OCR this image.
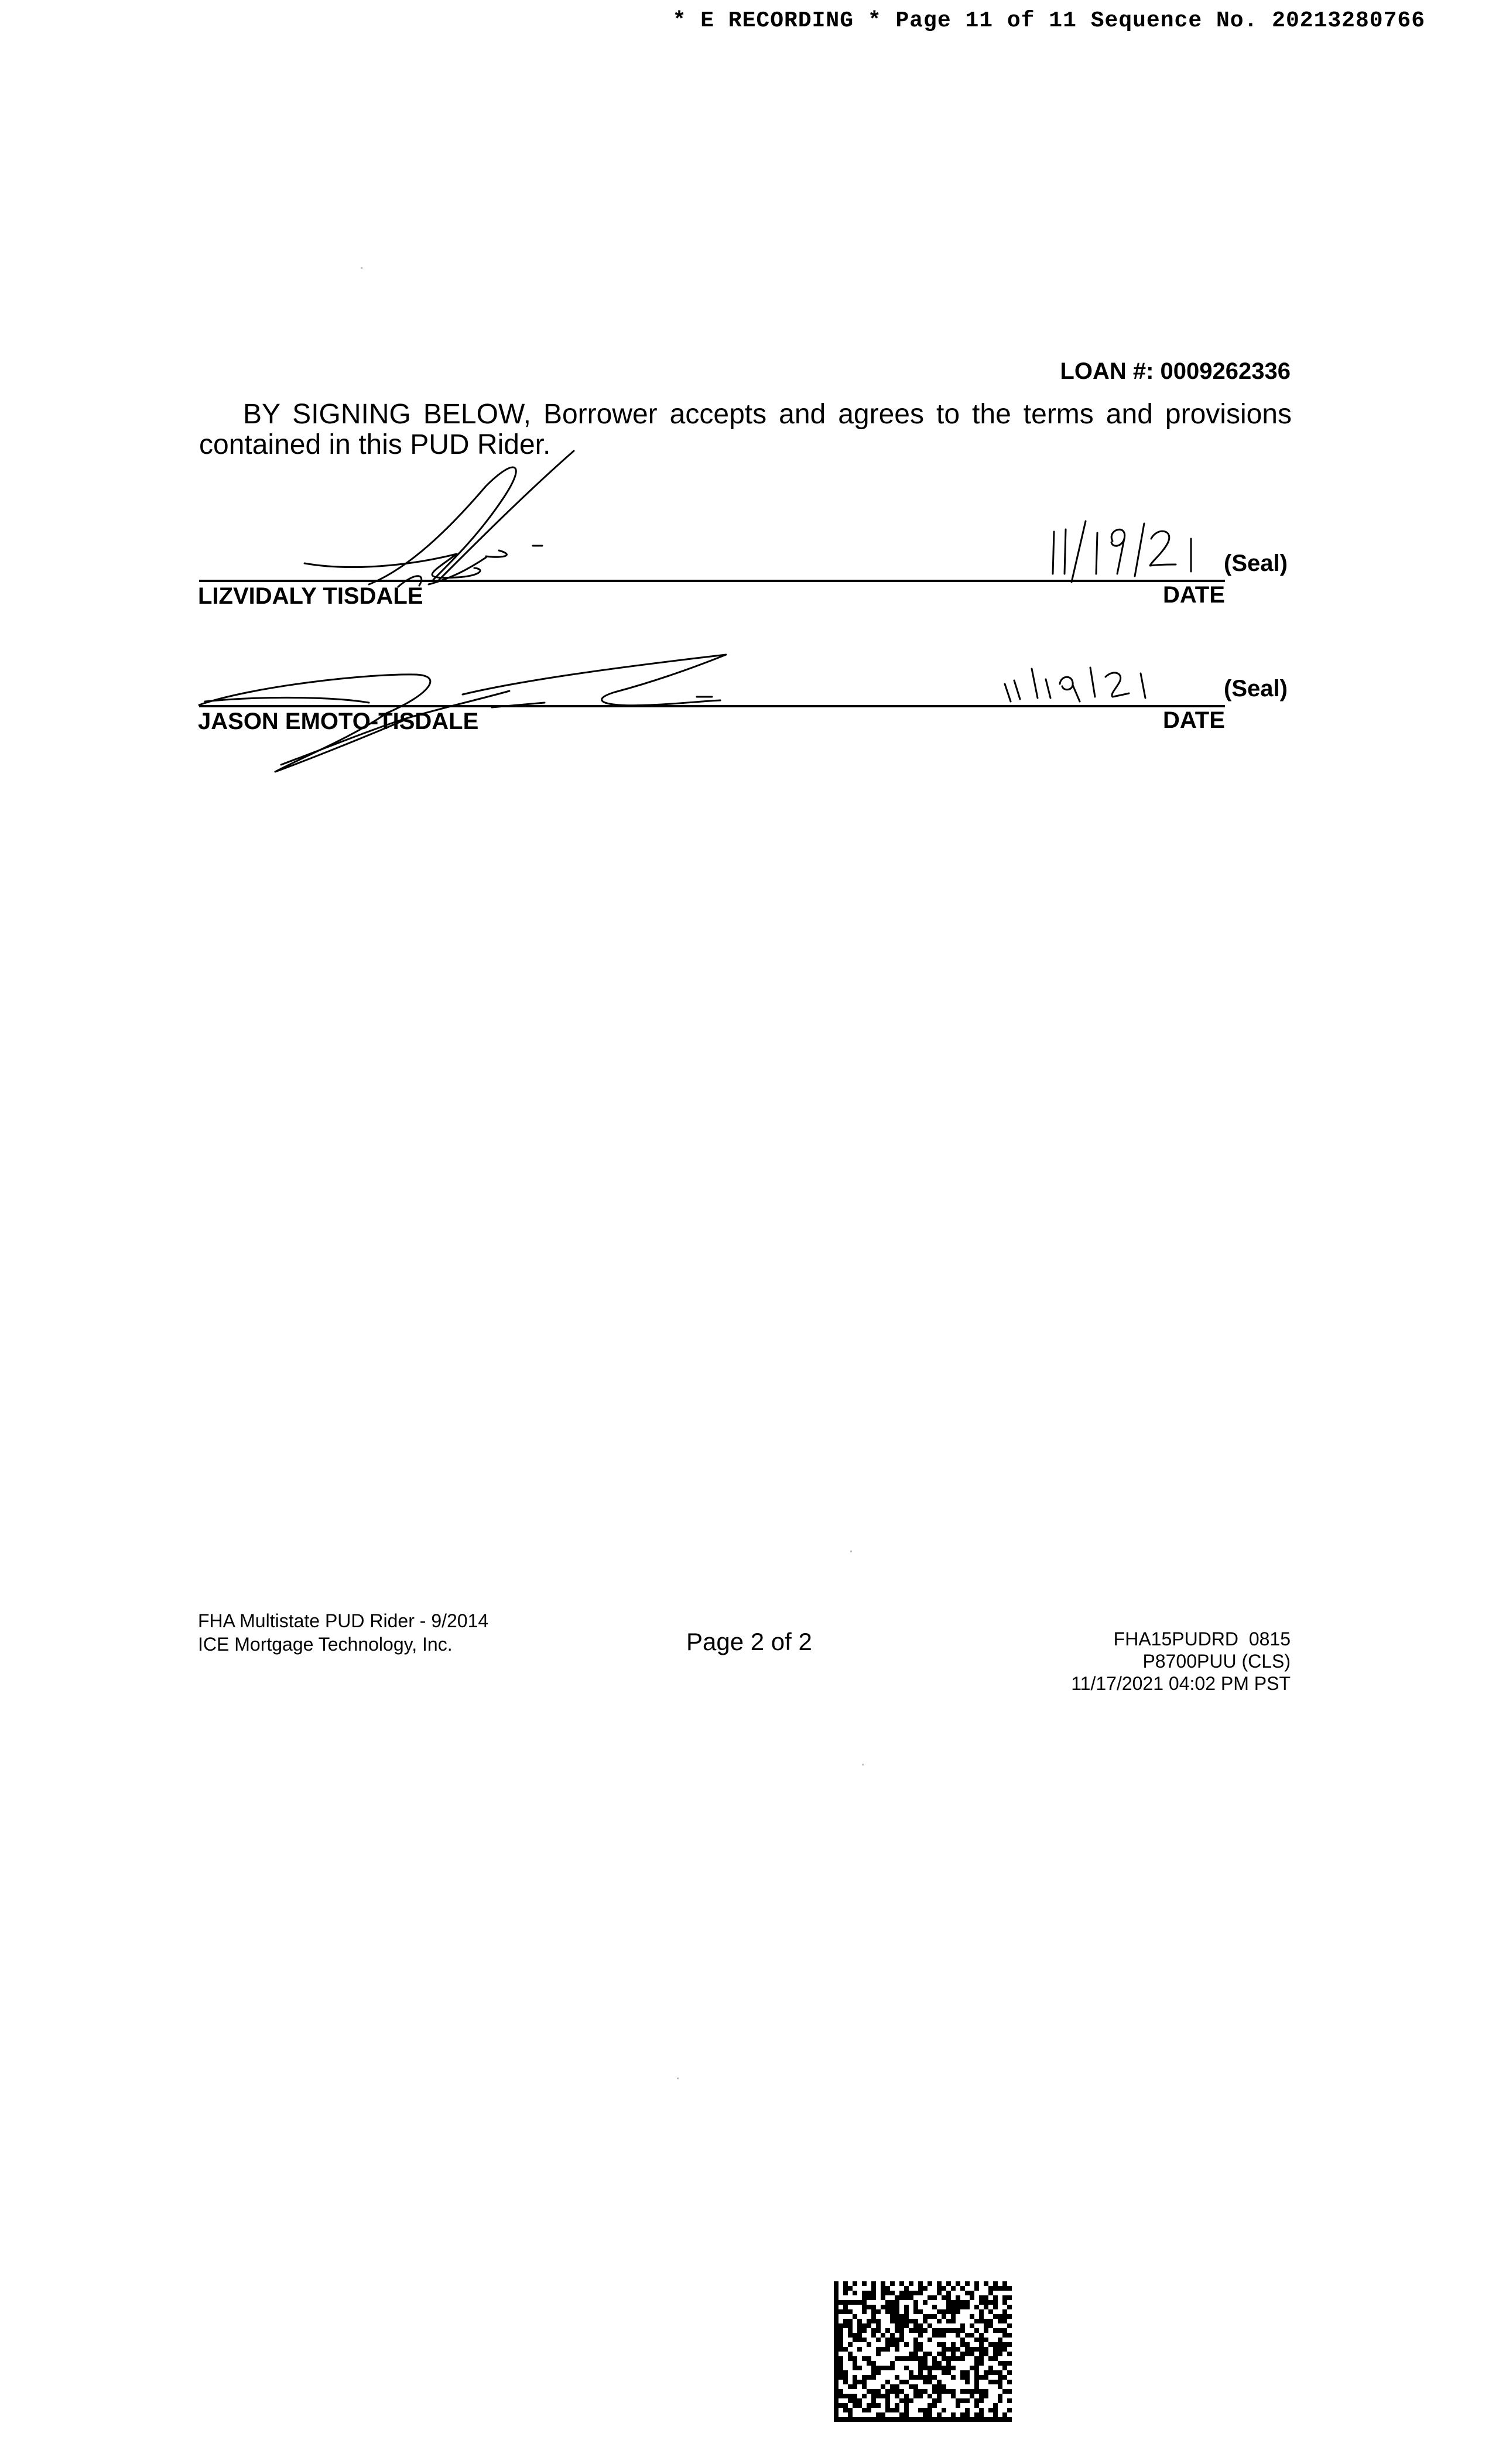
* E RECORDING * Page 11 of 11 Sequence No. 20213280766
LOAN #: 0009262336
BY SIGNING BELOW, Borrower accepts and agrees to the terms and provisions contained in this PUD Rider.
LIZVIDALY TISDALE	DATE
(Seal)
JASON EMOTO-TISDALE	DATE
(Seal)
FHA Multistate PUD Rider - 9/2014
ICE Mortgage Technology, Inc.	Page 2 of 2	FHA15PUDRD  0815
P8700PUU (CLS)
11/17/2021 04:02 PM PST
